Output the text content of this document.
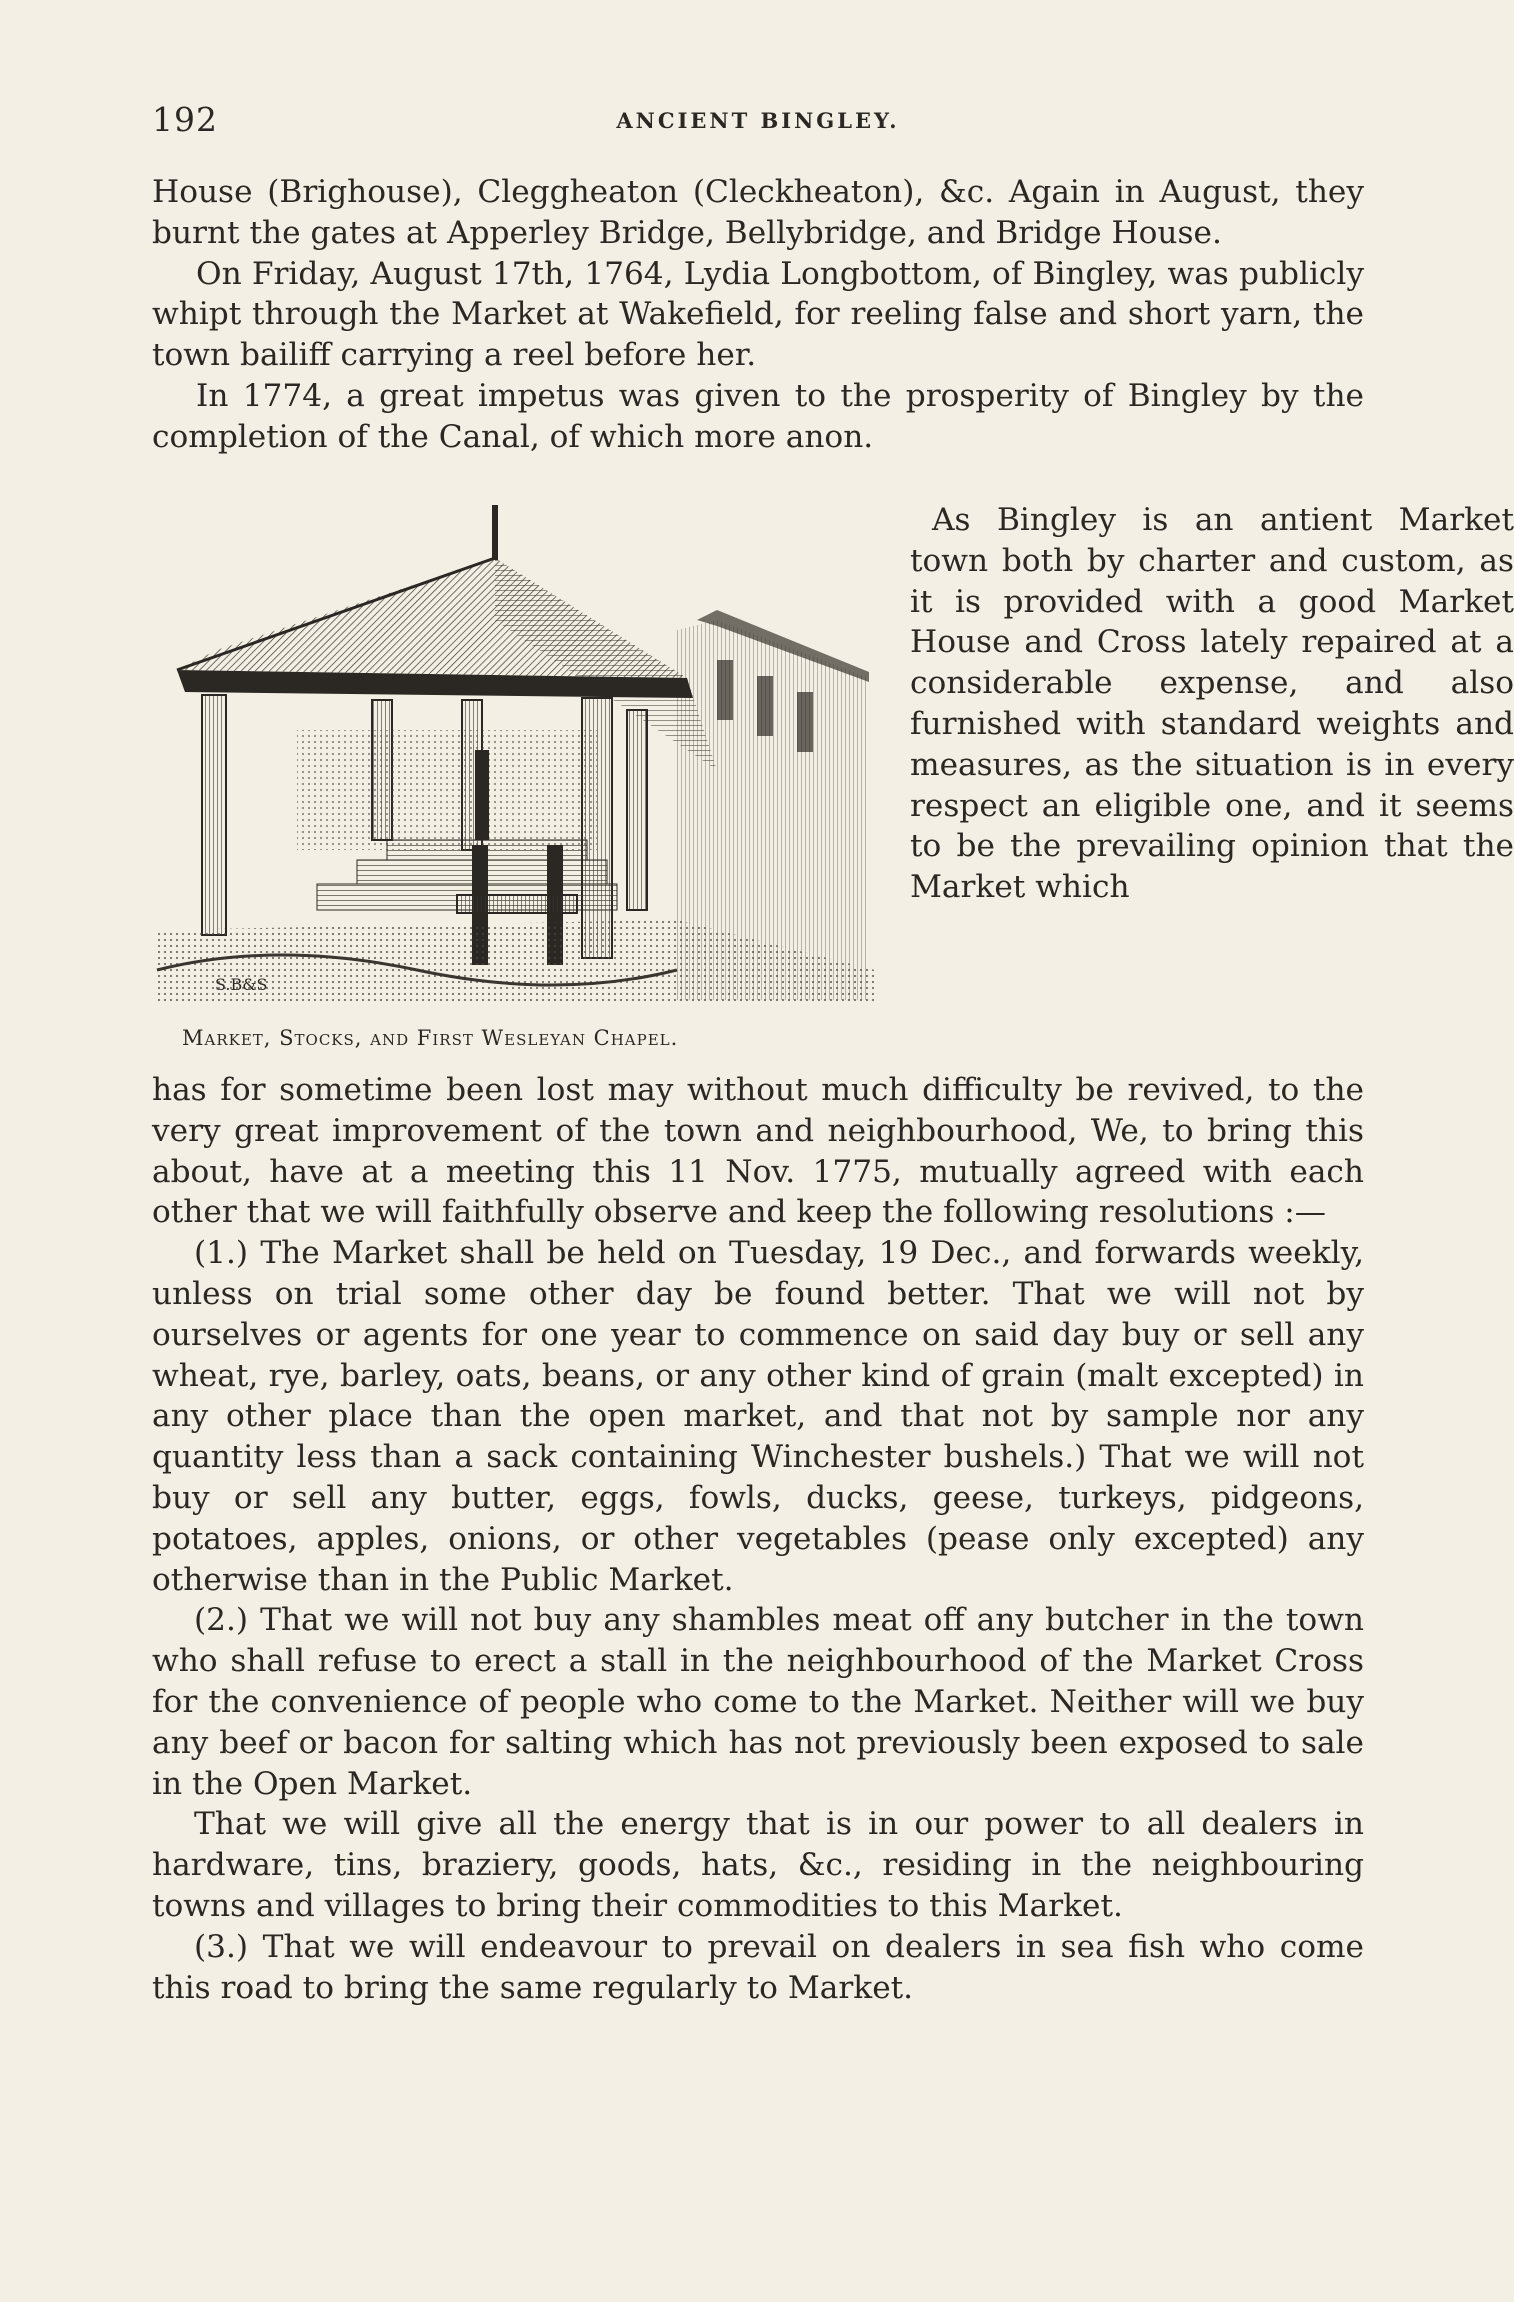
192	ANCIENT BINGLEY.

House (Brighouse), Cleggheaton (Cleckheaton), &c. Again in August, they burnt the gates at Apperley Bridge, Bellybridge, and Bridge House.

On Friday, August 17th, 1764, Lydia Longbottom, of Bingley, was publicly whipt through the Market at Wakefield, for reeling false and short yarn, the town bailiff carrying a reel before her.

In 1774, a great impetus was given to the prosperity of Bingley by the completion of the Canal, of which more anon.

S.B&S
Market, Stocks, and First Wesleyan Chapel.

As Bingley is an antient Market town both by charter and custom, as it is provided with a good Market House and Cross lately repaired at a considerable expense, and also furnished with standard weights and measures, as the situation is in every respect an eligible one, and it seems to be the prevailing opinion that the Market which

has for sometime been lost may without much difficulty be revived, to the very great improvement of the town and neighbourhood, We, to bring this about, have at a meeting this 11 Nov. 1775, mutually agreed with each other that we will faithfully observe and keep the following resolutions :—

(1.) The Market shall be held on Tuesday, 19 Dec., and forwards weekly, unless on trial some other day be found better. That we will not by ourselves or agents for one year to commence on said day buy or sell any wheat, rye, barley, oats, beans, or any other kind of grain (malt excepted) in any other place than the open market, and that not by sample nor any quantity less than a sack containing Winchester bushels.) That we will not buy or sell any butter, eggs, fowls, ducks, geese, turkeys, pidgeons, potatoes, apples, onions, or other vegetables (pease only excepted) any otherwise than in the Public Market.

(2.) That we will not buy any shambles meat off any butcher in the town who shall refuse to erect a stall in the neighbourhood of the Market Cross for the convenience of people who come to the Market. Neither will we buy any beef or bacon for salting which has not previously been exposed to sale in the Open Market.

That we will give all the energy that is in our power to all dealers in hardware, tins, braziery, goods, hats, &c., residing in the neighbouring towns and villages to bring their commodities to this Market.

(3.) That we will endeavour to prevail on dealers in sea fish who come this road to bring the same regularly to Market.
